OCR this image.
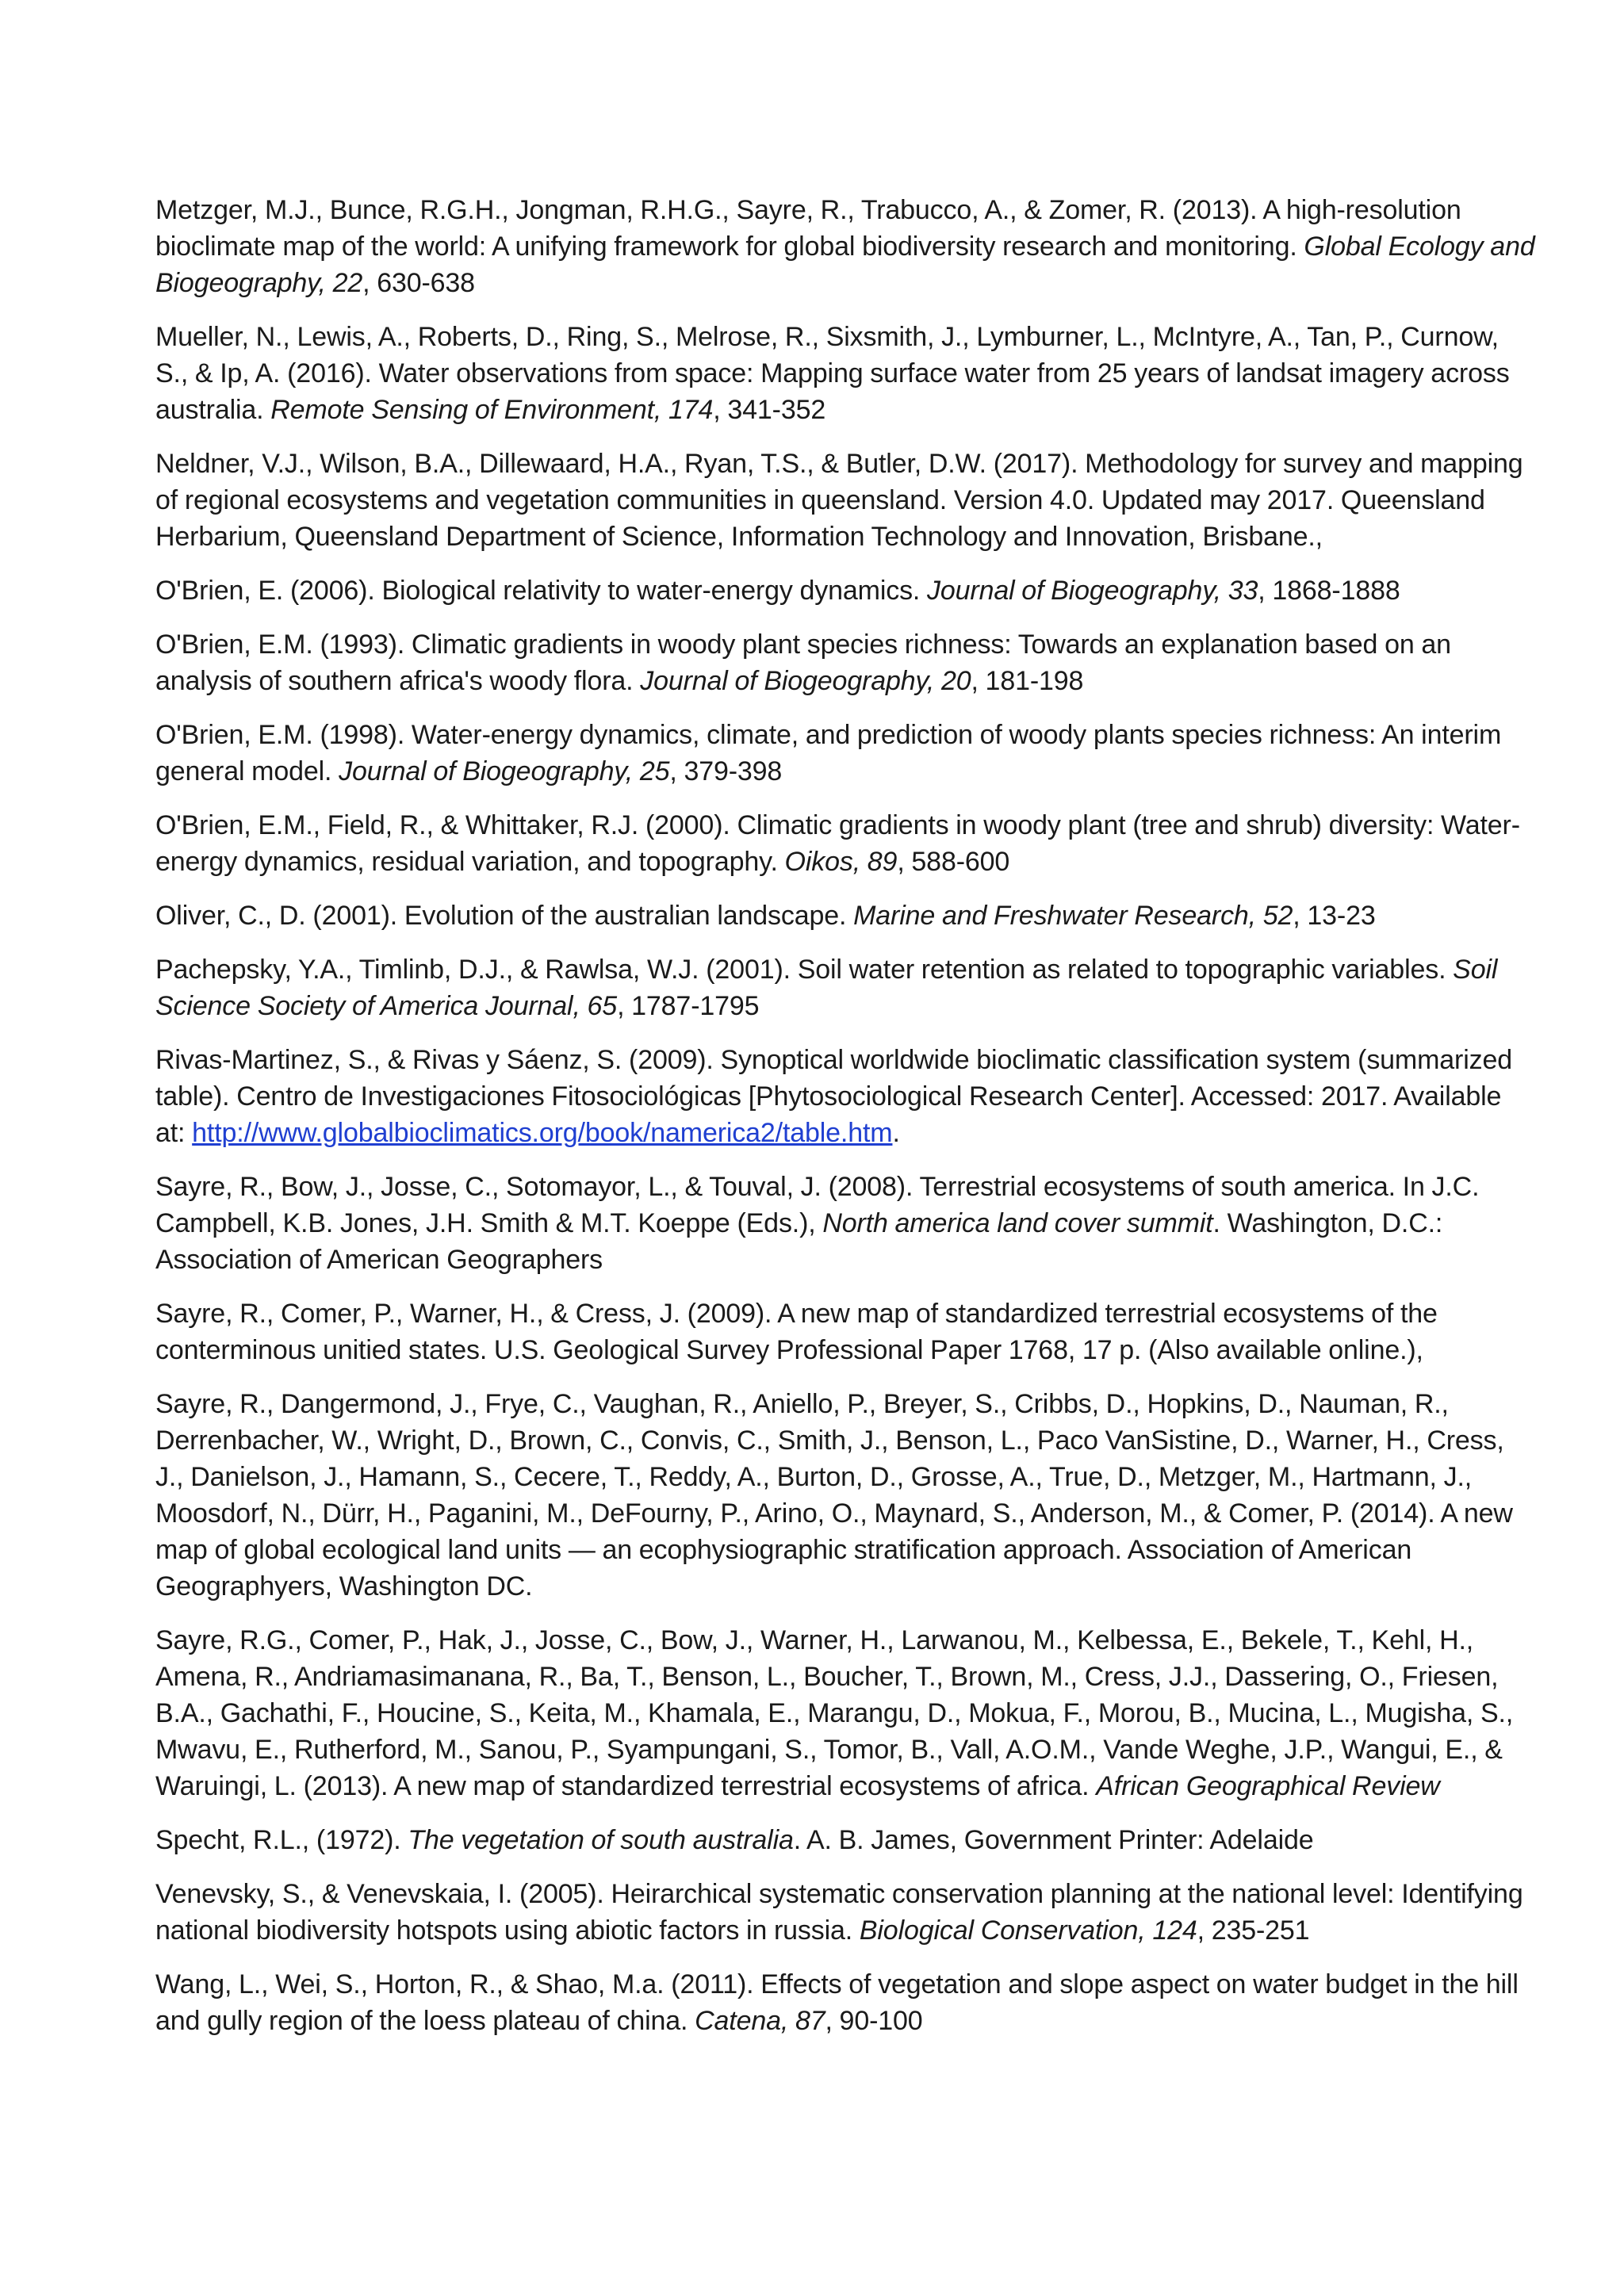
Metzger, M.J., Bunce, R.G.H., Jongman, R.H.G., Sayre, R., Trabucco, A., & Zomer, R. (2013). A high-resolution bioclimate map of the world: A unifying framework for global biodiversity research and monitoring. Global Ecology and Biogeography, 22, 630-638

Mueller, N., Lewis, A., Roberts, D., Ring, S., Melrose, R., Sixsmith, J., Lymburner, L., McIntyre, A., Tan, P., Curnow, S., & Ip, A. (2016). Water observations from space: Mapping surface water from 25 years of landsat imagery across australia. Remote Sensing of Environment, 174, 341-352

Neldner, V.J., Wilson, B.A., Dillewaard, H.A., Ryan, T.S., & Butler, D.W. (2017). Methodology for survey and mapping of regional ecosystems and vegetation communities in queensland. Version 4.0. Updated may 2017. Queensland Herbarium, Queensland Department of Science, Information Technology and Innovation, Brisbane.,

O'Brien, E. (2006). Biological relativity to water-energy dynamics. Journal of Biogeography, 33, 1868-1888

O'Brien, E.M. (1993). Climatic gradients in woody plant species richness: Towards an explanation based on an analysis of southern africa's woody flora. Journal of Biogeography, 20, 181-198

O'Brien, E.M. (1998). Water-energy dynamics, climate, and prediction of woody plants species richness: An interim general model. Journal of Biogeography, 25, 379-398

O'Brien, E.M., Field, R., & Whittaker, R.J. (2000). Climatic gradients in woody plant (tree and shrub) diversity: Water-energy dynamics, residual variation, and topography. Oikos, 89, 588-600

Oliver, C., D. (2001). Evolution of the australian landscape. Marine and Freshwater Research, 52, 13-23

Pachepsky, Y.A., Timlinb, D.J., & Rawlsa, W.J. (2001). Soil water retention as related to topographic variables. Soil Science Society of America Journal, 65, 1787-1795

Rivas-Martinez, S., & Rivas y Sáenz, S. (2009). Synoptical worldwide bioclimatic classification system (summarized table). Centro de Investigaciones Fitosociológicas [Phytosociological Research Center]. Accessed: 2017. Available at: http://www.globalbioclimatics.org/book/namerica2/table.htm.

Sayre, R., Bow, J., Josse, C., Sotomayor, L., & Touval, J. (2008). Terrestrial ecosystems of south america. In J.C. Campbell, K.B. Jones, J.H. Smith & M.T. Koeppe (Eds.), North america land cover summit. Washington, D.C.: Association of American Geographers

Sayre, R., Comer, P., Warner, H., & Cress, J. (2009). A new map of standardized terrestrial ecosystems of the conterminous unitied states. U.S. Geological Survey Professional Paper 1768, 17 p. (Also available online.),

Sayre, R., Dangermond, J., Frye, C., Vaughan, R., Aniello, P., Breyer, S., Cribbs, D., Hopkins, D., Nauman, R., Derrenbacher, W., Wright, D., Brown, C., Convis, C., Smith, J., Benson, L., Paco VanSistine, D., Warner, H., Cress, J., Danielson, J., Hamann, S., Cecere, T., Reddy, A., Burton, D., Grosse, A., True, D., Metzger, M., Hartmann, J., Moosdorf, N., Dürr, H., Paganini, M., DeFourny, P., Arino, O., Maynard, S., Anderson, M., & Comer, P. (2014). A new map of global ecological land units — an ecophysiographic stratification approach. Association of American Geographyers, Washington DC.

Sayre, R.G., Comer, P., Hak, J., Josse, C., Bow, J., Warner, H., Larwanou, M., Kelbessa, E., Bekele, T., Kehl, H., Amena, R., Andriamasimanana, R., Ba, T., Benson, L., Boucher, T., Brown, M., Cress, J.J., Dassering, O., Friesen, B.A., Gachathi, F., Houcine, S., Keita, M., Khamala, E., Marangu, D., Mokua, F., Morou, B., Mucina, L., Mugisha, S., Mwavu, E., Rutherford, M., Sanou, P., Syampungani, S., Tomor, B., Vall, A.O.M., Vande Weghe, J.P., Wangui, E., & Waruingi, L. (2013). A new map of standardized terrestrial ecosystems of africa. African Geographical Review

Specht, R.L., (1972). The vegetation of south australia. A. B. James, Government Printer: Adelaide

Venevsky, S., & Venevskaia, I. (2005). Heirarchical systematic conservation planning at the national level: Identifying national biodiversity hotspots using abiotic factors in russia. Biological Conservation, 124, 235-251

Wang, L., Wei, S., Horton, R., & Shao, M.a. (2011). Effects of vegetation and slope aspect on water budget in the hill and gully region of the loess plateau of china. Catena, 87, 90-100
